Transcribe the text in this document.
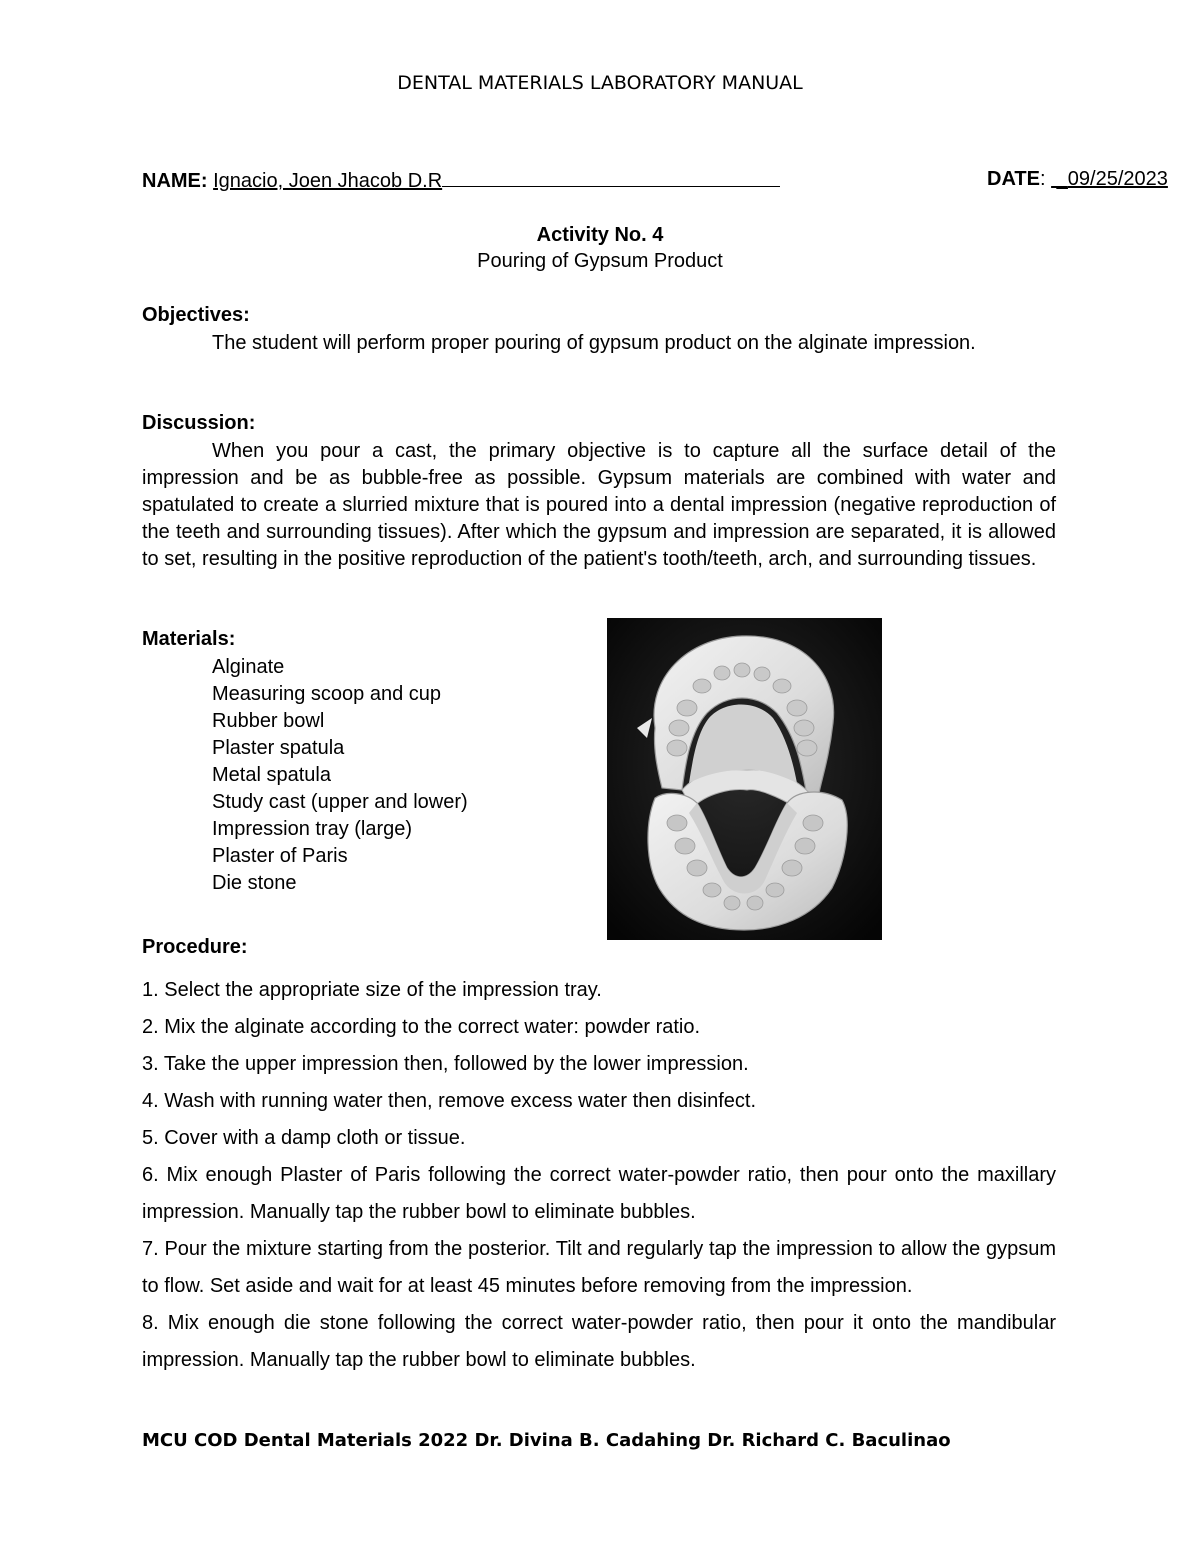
DENTAL MATERIALS LABORATORY MANUAL
NAME: Ignacio, Joen Jhacob D.R	DATE:  _09/25/2023
Activity No. 4
Pouring of Gypsum Product
Objectives:
The student will perform proper pouring of gypsum product on the alginate impression.
Discussion:
When you pour a cast, the primary objective is to capture all the surface detail of the impression and be as bubble-free as possible. Gypsum materials are combined with water and spatulated to create a slurried mixture that is poured into a dental impression (negative reproduction of the teeth and surrounding tissues). After which the gypsum and impression are separated, it is allowed to set, resulting in the positive reproduction of the patient's tooth/teeth, arch, and surrounding tissues.
Materials:
Alginate
Measuring scoop and cup
Rubber bowl
Plaster spatula
Metal spatula
Study cast (upper and lower)
Impression tray (large)
Plaster of Paris
Die stone
Procedure:
1. Select the appropriate size of the impression tray.
2. Mix the alginate according to the correct water: powder ratio.
3. Take the upper impression then, followed by the lower impression.
4. Wash with running water then, remove excess water then disinfect.
5. Cover with a damp cloth or tissue.
6. Mix enough Plaster of Paris following the correct water-powder ratio, then pour onto the maxillary impression. Manually tap the rubber bowl to eliminate bubbles.
7. Pour the mixture starting from the posterior. Tilt and regularly tap the impression to allow the gypsum to flow. Set aside and wait for at least 45 minutes before removing from the impression.
8. Mix enough die stone following the correct water-powder ratio, then pour it onto the mandibular impression. Manually tap the rubber bowl to eliminate bubbles.
MCU COD Dental Materials 2022 Dr. Divina B. Cadahing Dr. Richard C. Baculinao
